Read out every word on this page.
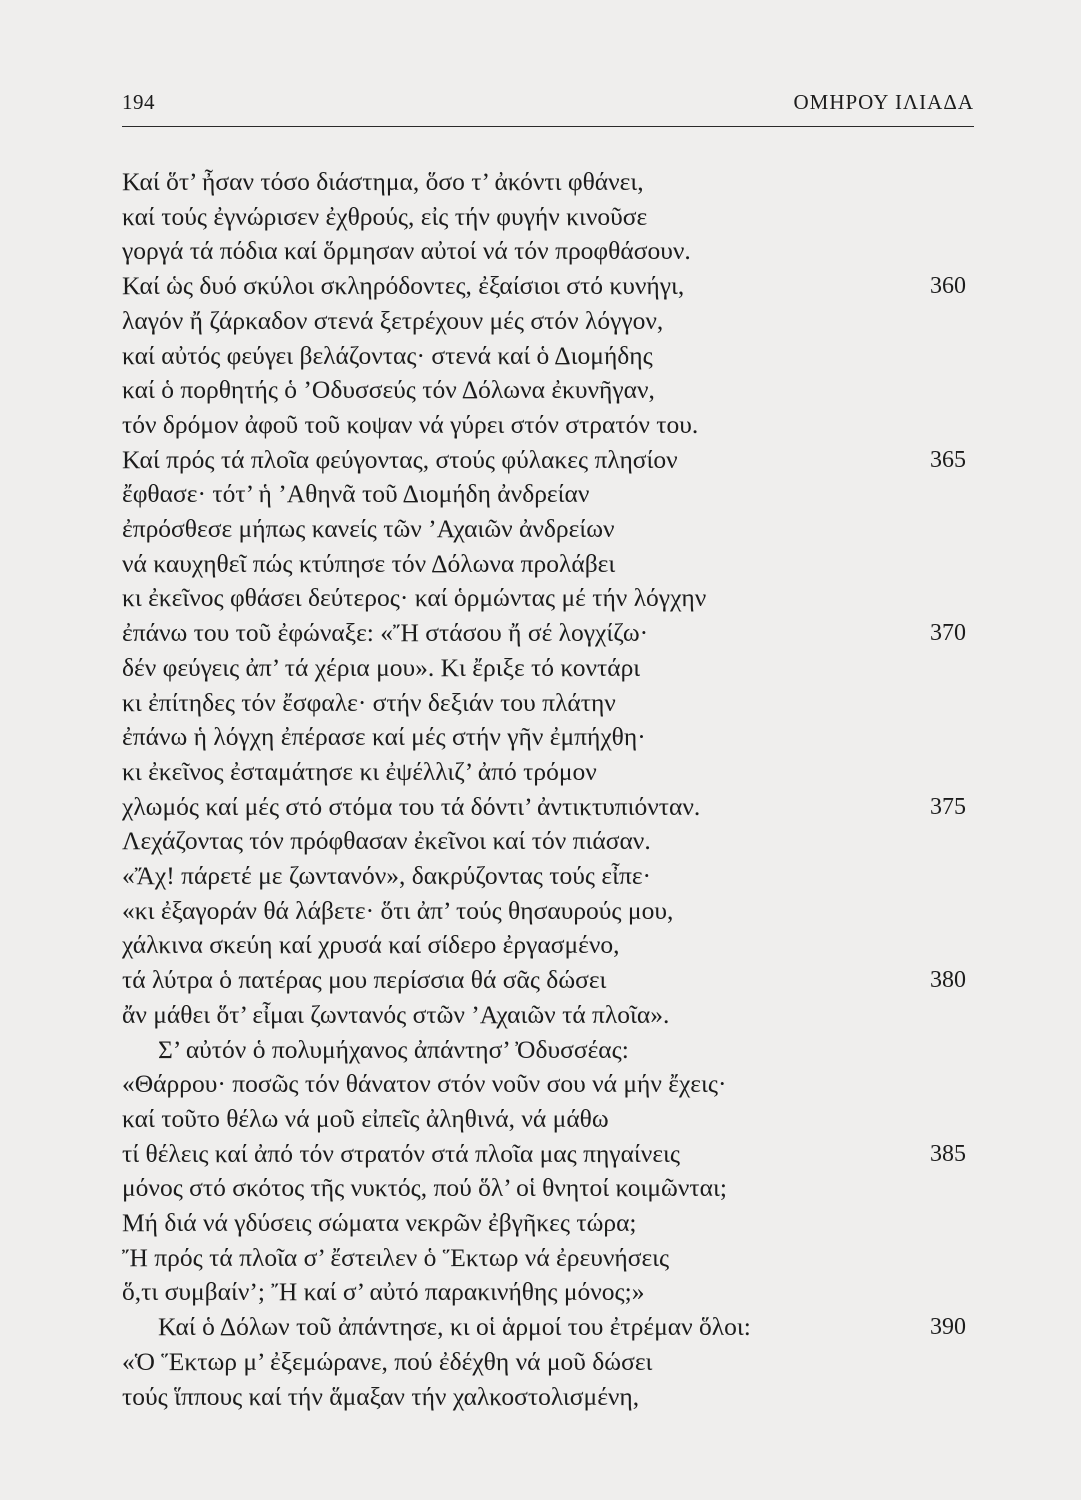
194	ΟΜΗΡΟΥ ΙΛΙΑΔΑ
Καί ὅτ’ ἦσαν τόσο διάστημα, ὅσο τ’ ἀκόντι φθάνει,
καί τούς ἐγνώρισεν ἐχθρούς, εἰς τήν φυγήν κινοῦσε
γοργά τά πόδια καί ὅρμησαν αὐτοί νά τόν προφθάσουν.
Καί ὡς δυό σκύλοι σκληρόδοντες, ἐξαίσιοι στό κυνήγι,	360
λαγόν ἤ ζάρκαδον στενά ξετρέχουν μές στόν λόγγον,
καί αὐτός φεύγει βελάζοντας· στενά καί ὁ Διομήδης
καί ὁ πορθητής ὁ ’Οδυσσεύς τόν Δόλωνα ἐκυνῆγαν,
τόν δρόμον ἀφοῦ τοῦ κοψαν νά γύρει στόν στρατόν του.
Καί πρός τά πλοῖα φεύγοντας, στούς φύλακες πλησίον	365
ἔφθασε· τότ’ ἡ ’Αθηνᾶ τοῦ Διομήδη ἀνδρείαν
ἐπρόσθεσε μήπως κανείς τῶν ’Αχαιῶν ἀνδρείων
νά καυχηθεῖ πώς κτύπησε τόν Δόλωνα προλάβει
κι ἐκεῖνος φθάσει δεύτερος· καί ὁρμώντας μέ τήν λόγχην
ἐπάνω του τοῦ ἐφώναξε: «Ἤ στάσου ἤ σέ λογχίζω·	370
δέν φεύγεις ἀπ’ τά χέρια μου». Κι ἔριξε τό κοντάρι
κι ἐπίτηδες τόν ἔσφαλε· στήν δεξιάν του πλάτην
ἐπάνω ἡ λόγχη ἐπέρασε καί μές στήν γῆν ἐμπήχθη·
κι ἐκεῖνος ἐσταμάτησε κι ἐψέλλιζ’ ἀπό τρόμον
χλωμός καί μές στό στόμα του τά δόντι’ ἀντικτυπιόνταν.	375
Λεχάζοντας τόν πρόφθασαν ἐκεῖνοι καί τόν πιάσαν.
«Ἄχ! πάρετέ με ζωντανόν», δακρύζοντας τούς εἶπε·
«κι ἐξαγοράν θά λάβετε· ὅτι ἀπ’ τούς θησαυρούς μου,
χάλκινα σκεύη καί χρυσά καί σίδερο ἐργασμένο,
τά λύτρα ὁ πατέρας μου περίσσια θά σᾶς δώσει	380
ἄν μάθει ὅτ’ εἶμαι ζωντανός στῶν ’Αχαιῶν τά πλοῖα».
Σ’ αὐτόν ὁ πολυμήχανος ἀπάντησ’ Ὀδυσσέας:
«Θάρρου· ποσῶς τόν θάνατον στόν νοῦν σου νά μήν ἔχεις·
καί τοῦτο θέλω νά μοῦ εἰπεῖς ἀληθινά, νά μάθω
τί θέλεις καί ἀπό τόν στρατόν στά πλοῖα μας πηγαίνεις	385
μόνος στό σκότος τῆς νυκτός, πού ὅλ’ οἱ θνητοί κοιμῶνται;
Μή διά νά γδύσεις σώματα νεκρῶν ἐβγῆκες τώρα;
Ἤ πρός τά πλοῖα σ’ ἔστειλεν ὁ Ἕκτωρ νά ἐρευνήσεις
ὅ,τι συμβαίν’; Ἤ καί σ’ αὐτό παρακινήθης μόνος;»
Καί ὁ Δόλων τοῦ ἀπάντησε, κι οἱ ἁρμοί του ἐτρέμαν ὅλοι:	390
«Ὁ Ἕκτωρ μ’ ἐξεμώρανε, πού ἐδέχθη νά μοῦ δώσει
τούς ἵππους καί τήν ἅμαξαν τήν χαλκοστολισμένη,
